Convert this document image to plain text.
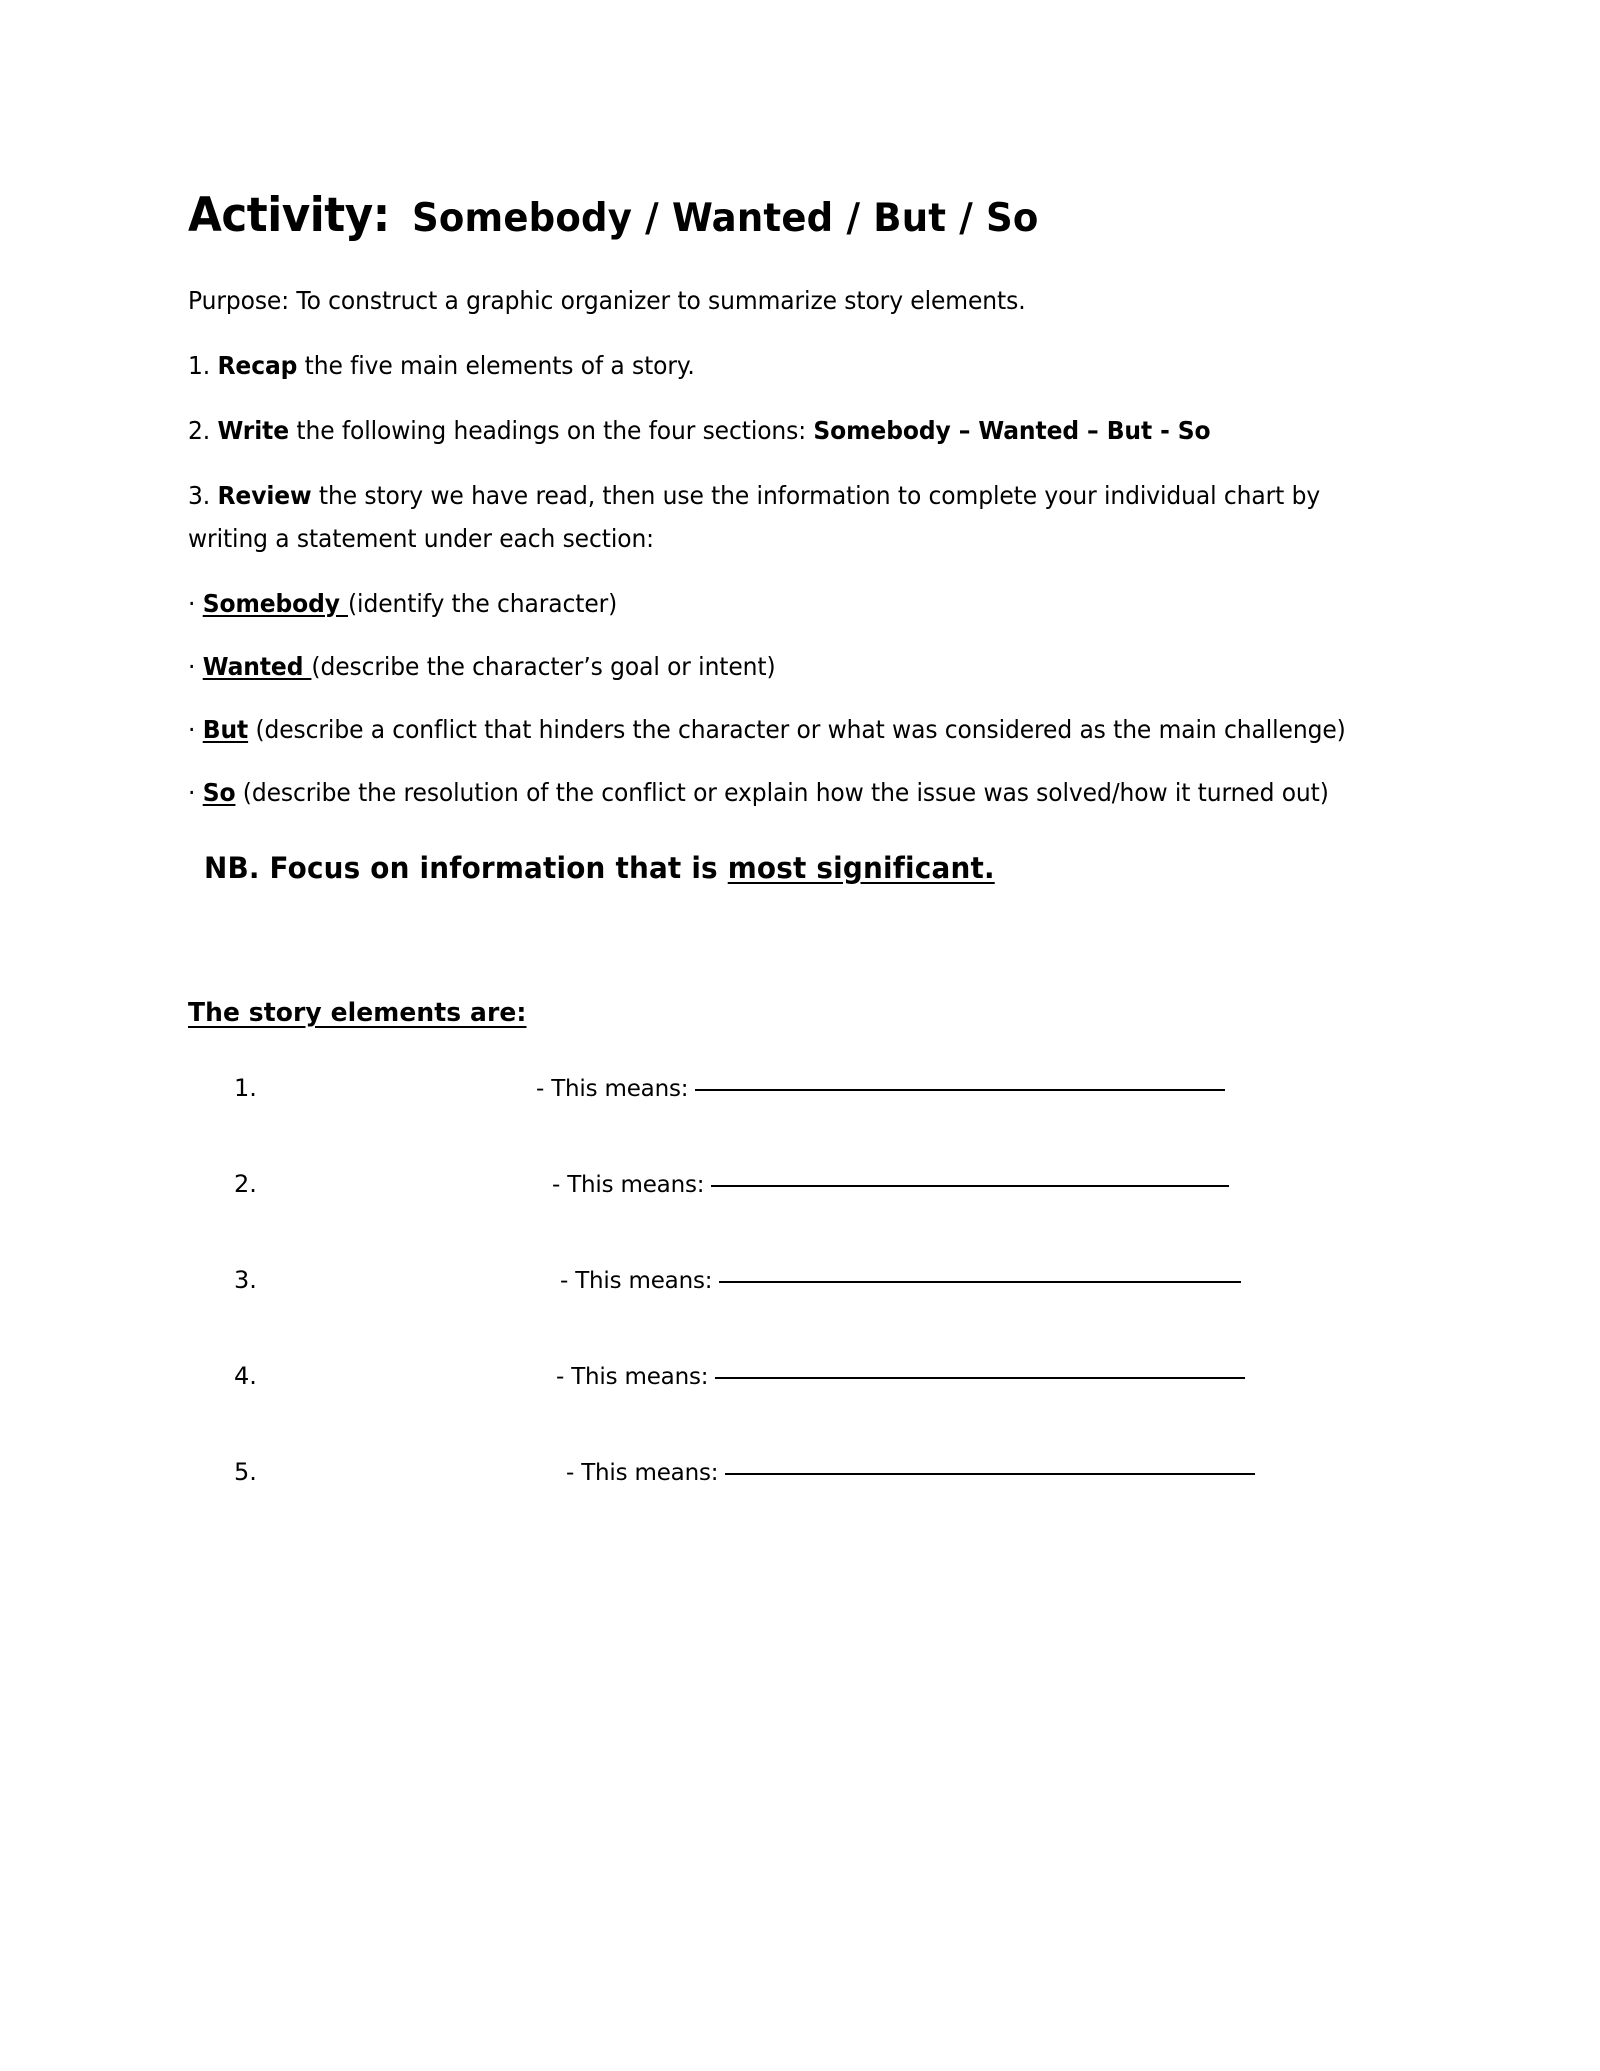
Activity: Somebody / Wanted / But / So

Purpose: To construct a graphic organizer to summarize story elements.

1. Recap the five main elements of a story.

2. Write the following headings on the four sections: Somebody – Wanted – But - So

3. Review the story we have read, then use the information to complete your individual chart by writing a statement under each section:

· Somebody (identify the character)

· Wanted (describe the character’s goal or intent)

· But (describe a conflict that hinders the character or what was considered as the main challenge)

· So (describe the resolution of the conflict or explain how the issue was solved/how it turned out)

NB. Focus on information that is most significant.

The story elements are:
1.	- This means:
2.	- This means:
3.	- This means:
4.	- This means:
5.	- This means:
